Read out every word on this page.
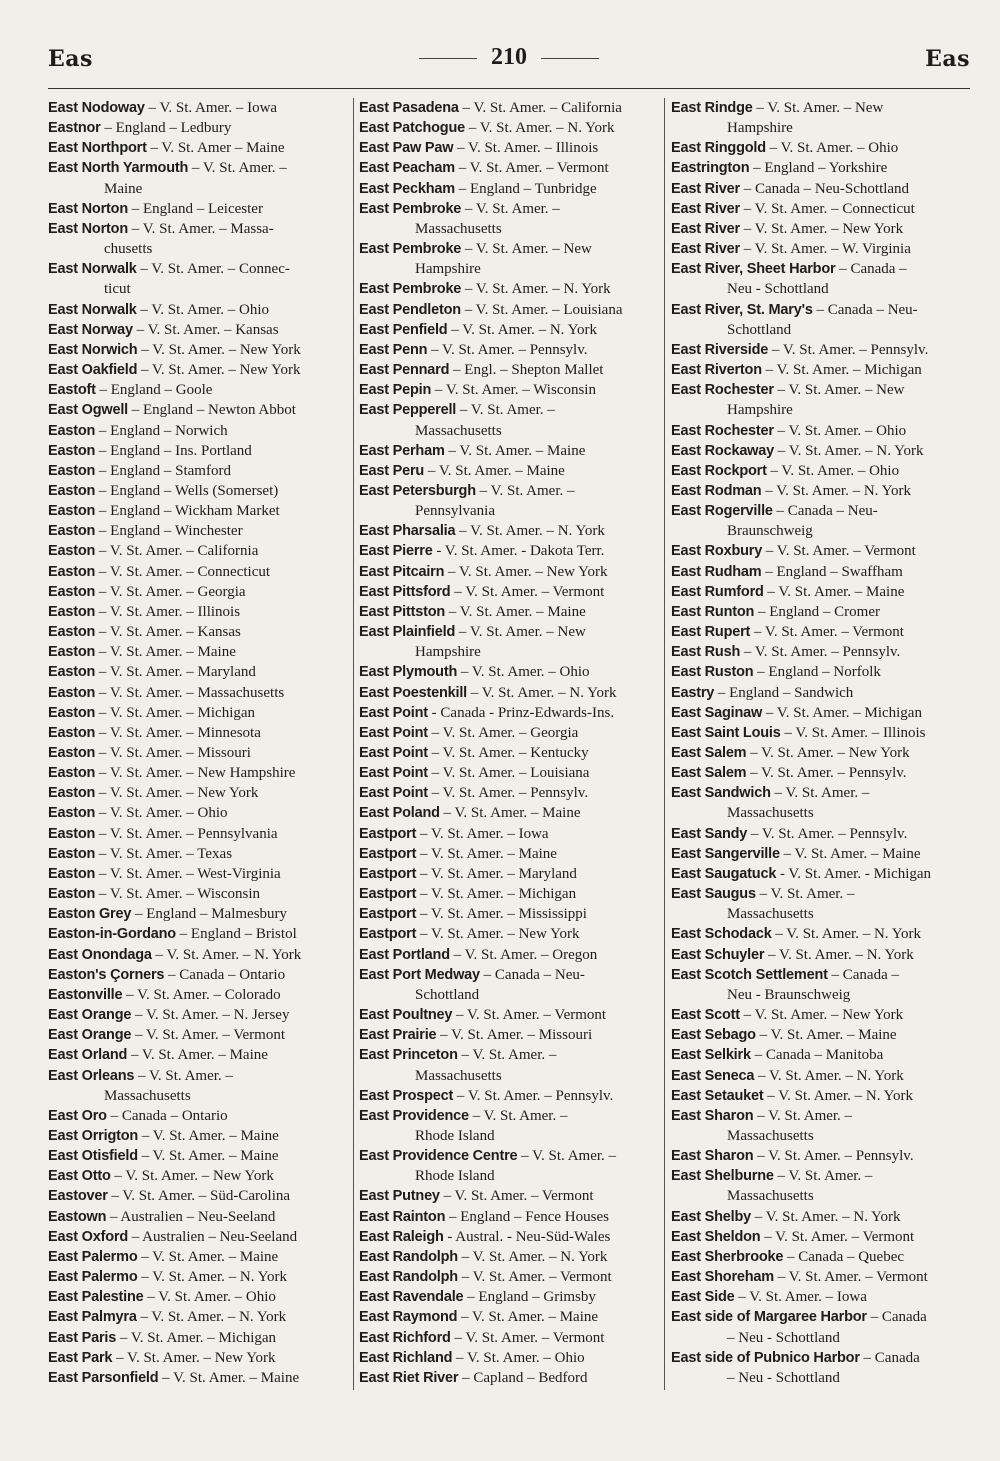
Eas	210	Eas
East Nodoway – V. St. Amer. – Iowa
Eastnor – England – Ledbury
East Northport – V. St. Amer – Maine
East North Yarmouth – V. St. Amer. –
Maine
East Norton – England – Leicester
East Norton – V. St. Amer. – Massa-
chusetts
East Norwalk – V. St. Amer. – Connec-
ticut
East Norwalk – V. St. Amer. – Ohio
East Norway – V. St. Amer. – Kansas
East Norwich – V. St. Amer. – New York
East Oakfield – V. St. Amer. – New York
Eastoft – England – Goole
East Ogwell – England – Newton Abbot
Easton – England – Norwich
Easton – England – Ins. Portland
Easton – England – Stamford
Easton – England – Wells (Somerset)
Easton – England – Wickham Market
Easton – England – Winchester
Easton – V. St. Amer. – California
Easton – V. St. Amer. – Connecticut
Easton – V. St. Amer. – Georgia
Easton – V. St. Amer. – Illinois
Easton – V. St. Amer. – Kansas
Easton – V. St. Amer. – Maine
Easton – V. St. Amer. – Maryland
Easton – V. St. Amer. – Massachusetts
Easton – V. St. Amer. – Michigan
Easton – V. St. Amer. – Minnesota
Easton – V. St. Amer. – Missouri
Easton – V. St. Amer. – New Hampshire
Easton – V. St. Amer. – New York
Easton – V. St. Amer. – Ohio
Easton – V. St. Amer. – Pennsylvania
Easton – V. St. Amer. – Texas
Easton – V. St. Amer. – West-Virginia
Easton – V. St. Amer. – Wisconsin
Easton Grey – England – Malmesbury
Easton-in-Gordano – England – Bristol
East Onondaga – V. St. Amer. – N. York
Easton's Çorners – Canada – Ontario
Eastonville – V. St. Amer. – Colorado
East Orange – V. St. Amer. – N. Jersey
East Orange – V. St. Amer. – Vermont
East Orland – V. St. Amer. – Maine
East Orleans – V. St. Amer. –
Massachusetts
East Oro – Canada – Ontario
East Orrigton – V. St. Amer. – Maine
East Otisfield – V. St. Amer. – Maine
East Otto – V. St. Amer. – New York
Eastover – V. St. Amer. – Süd-Carolina
Eastown – Australien – Neu-Seeland
East Oxford – Australien – Neu-Seeland
East Palermo – V. St. Amer. – Maine
East Palermo – V. St. Amer. – N. York
East Palestine – V. St. Amer. – Ohio
East Palmyra – V. St. Amer. – N. York
East Paris – V. St. Amer. – Michigan
East Park – V. St. Amer. – New York
East Parsonfield – V. St. Amer. – Maine
East Pasadena – V. St. Amer. – California
East Patchogue – V. St. Amer. – N. York
East Paw Paw – V. St. Amer. – Illinois
East Peacham – V. St. Amer. – Vermont
East Peckham – England – Tunbridge
East Pembroke – V. St. Amer. –
Massachusetts
East Pembroke – V. St. Amer. – New
Hampshire
East Pembroke – V. St. Amer. – N. York
East Pendleton – V. St. Amer. – Louisiana
East Penfield – V. St. Amer. – N. York
East Penn – V. St. Amer. – Pennsylv.
East Pennard – Engl. – Shepton Mallet
East Pepin – V. St. Amer. – Wisconsin
East Pepperell – V. St. Amer. –
Massachusetts
East Perham – V. St. Amer. – Maine
East Peru – V. St. Amer. – Maine
East Petersburgh – V. St. Amer. –
Pennsylvania
East Pharsalia – V. St. Amer. – N. York
East Pierre - V. St. Amer. - Dakota Terr.
East Pitcairn – V. St. Amer. – New York
East Pittsford – V. St. Amer. – Vermont
East Pittston – V. St. Amer. – Maine
East Plainfield – V. St. Amer. – New
Hampshire
East Plymouth – V. St. Amer. – Ohio
East Poestenkill – V. St. Amer. – N. York
East Point - Canada - Prinz-Edwards-Ins.
East Point – V. St. Amer. – Georgia
East Point – V. St. Amer. – Kentucky
East Point – V. St. Amer. – Louisiana
East Point – V. St. Amer. – Pennsylv.
East Poland – V. St. Amer. – Maine
Eastport – V. St. Amer. – Iowa
Eastport – V. St. Amer. – Maine
Eastport – V. St. Amer. – Maryland
Eastport – V. St. Amer. – Michigan
Eastport – V. St. Amer. – Mississippi
Eastport – V. St. Amer. – New York
East Portland – V. St. Amer. – Oregon
East Port Medway – Canada – Neu-
Schottland
East Poultney – V. St. Amer. – Vermont
East Prairie – V. St. Amer. – Missouri
East Princeton – V. St. Amer. –
Massachusetts
East Prospect – V. St. Amer. – Pennsylv.
East Providence – V. St. Amer. –
Rhode Island
East Providence Centre – V. St. Amer. –
Rhode Island
East Putney – V. St. Amer. – Vermont
East Rainton – England – Fence Houses
East Raleigh - Austral. - Neu-Süd-Wales
East Randolph – V. St. Amer. – N. York
East Randolph – V. St. Amer. – Vermont
East Ravendale – England – Grimsby
East Raymond – V. St. Amer. – Maine
East Richford – V. St. Amer. – Vermont
East Richland – V. St. Amer. – Ohio
East Riet River – Capland – Bedford
East Rindge – V. St. Amer. – New
Hampshire
East Ringgold – V. St. Amer. – Ohio
Eastrington – England – Yorkshire
East River – Canada – Neu-Schottland
East River – V. St. Amer. – Connecticut
East River – V. St. Amer. – New York
East River – V. St. Amer. – W. Virginia
East River, Sheet Harbor – Canada –
Neu - Schottland
East River, St. Mary's – Canada – Neu-
Schottland
East Riverside – V. St. Amer. – Pennsylv.
East Riverton – V. St. Amer. – Michigan
East Rochester – V. St. Amer. – New
Hampshire
East Rochester – V. St. Amer. – Ohio
East Rockaway – V. St. Amer. – N. York
East Rockport – V. St. Amer. – Ohio
East Rodman – V. St. Amer. – N. York
East Rogerville – Canada – Neu-
Braunschweig
East Roxbury – V. St. Amer. – Vermont
East Rudham – England – Swaffham
East Rumford – V. St. Amer. – Maine
East Runton – England – Cromer
East Rupert – V. St. Amer. – Vermont
East Rush – V. St. Amer. – Pennsylv.
East Ruston – England – Norfolk
Eastry – England – Sandwich
East Saginaw – V. St. Amer. – Michigan
East Saint Louis – V. St. Amer. – Illinois
East Salem – V. St. Amer. – New York
East Salem – V. St. Amer. – Pennsylv.
East Sandwich – V. St. Amer. –
Massachusetts
East Sandy – V. St. Amer. – Pennsylv.
East Sangerville – V. St. Amer. – Maine
East Saugatuck - V. St. Amer. - Michigan
East Saugus – V. St. Amer. –
Massachusetts
East Schodack – V. St. Amer. – N. York
East Schuyler – V. St. Amer. – N. York
East Scotch Settlement – Canada –
Neu - Braunschweig
East Scott – V. St. Amer. – New York
East Sebago – V. St. Amer. – Maine
East Selkirk – Canada – Manitoba
East Seneca – V. St. Amer. – N. York
East Setauket – V. St. Amer. – N. York
East Sharon – V. St. Amer. –
Massachusetts
East Sharon – V. St. Amer. – Pennsylv.
East Shelburne – V. St. Amer. –
Massachusetts
East Shelby – V. St. Amer. – N. York
East Sheldon – V. St. Amer. – Vermont
East Sherbrooke – Canada – Quebec
East Shoreham – V. St. Amer. – Vermont
East Side – V. St. Amer. – Iowa
East side of Margaree Harbor – Canada
– Neu - Schottland
East side of Pubnico Harbor – Canada
– Neu - Schottland
